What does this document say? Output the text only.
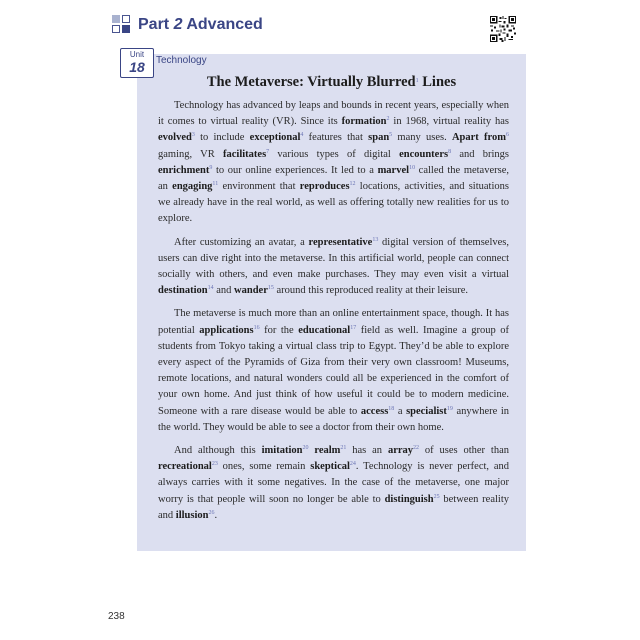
Part 2 Advanced
Unit
18	Technology
The Metaverse: Virtually Blurred$^1$ Lines

Technology has advanced by leaps and bounds in recent years, especially when it comes to virtual reality (VR). Since its formation$^2$ in 1968, virtual reality has evolved$^3$ to include exceptional$^4$ features that span$^5$ many uses. Apart from$^6$ gaming, VR facilitates$^7$ various types of digital encounters$^8$ and brings enrichment$^9$ to our online experiences. It led to a marvel$^{10}$ called the metaverse, an engaging$^{11}$ environment that reproduces$^{12}$ locations, activities, and situations we already have in the real world, as well as offering totally new realities for us to explore.

After customizing an avatar, a representative$^{13}$ digital version of themselves, users can dive right into the metaverse. In this artificial world, people can connect socially with others, and even make purchases. They may even visit a virtual destination$^{14}$ and wander$^{15}$ around this reproduced reality at their leisure.

The metaverse is much more than an online entertainment space, though. It has potential applications$^{16}$ for the educational$^{17}$ field as well. Imagine a group of students from Tokyo taking a virtual class trip to Egypt. They’d be able to explore every aspect of the Pyramids of Giza from their very own classroom! Museums, remote locations, and natural wonders could all be experienced in the comfort of your own home. And just think of how useful it could be to modern medicine. Someone with a rare disease would be able to access$^{18}$ a specialist$^{19}$ anywhere in the world. They would be able to see a doctor from their own home.

And although this imitation$^{20}$ realm$^{21}$ has an array$^{22}$ of uses other than recreational$^{23}$ ones, some remain skeptical$^{24}$. Technology is never perfect, and always carries with it some negatives. In the case of the metaverse, one major worry is that people will soon no longer be able to distinguish$^{25}$ between reality and illusion$^{26}$.

238
